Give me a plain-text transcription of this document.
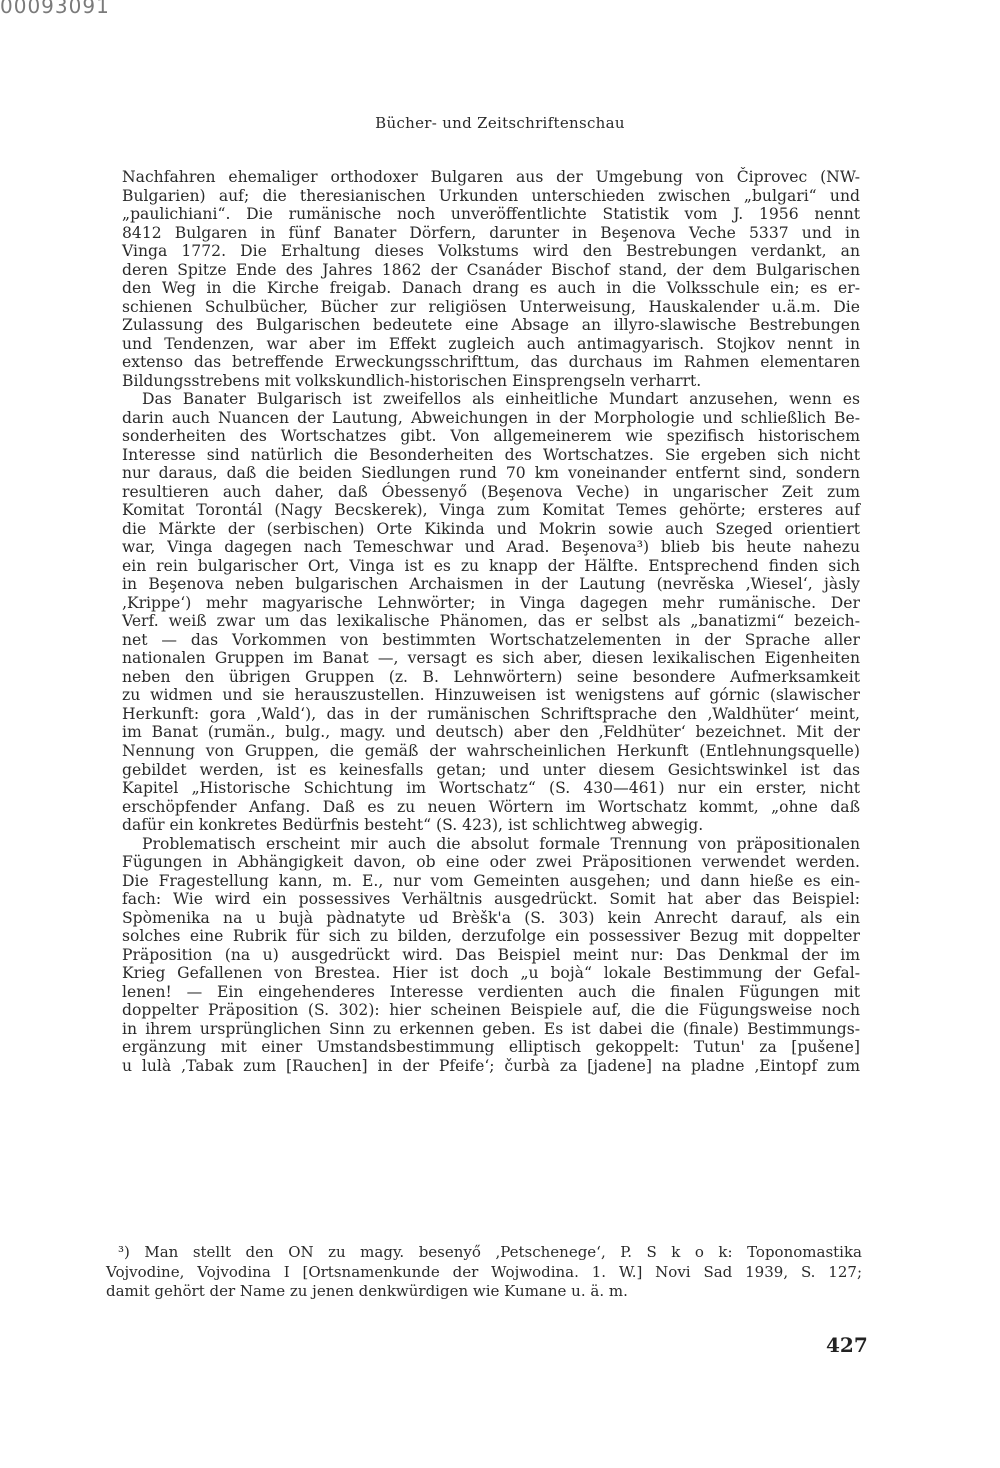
00093091
Bücher- und Zeitschriftenschau
Nachfahren ehemaliger orthodoxer Bulgaren aus der Umgebung von Čiprovec (NW-
Bulgarien) auf; die theresianischen Urkunden unterschieden zwischen „bulgari“ und
„paulichiani“. Die rumänische noch unveröffentlichte Statistik vom J. 1956 nennt
8412 Bulgaren in fünf Banater Dörfern, darunter in Beşenova Veche 5337 und in
Vinga 1772. Die Erhaltung dieses Volkstums wird den Bestrebungen verdankt, an
deren Spitze Ende des Jahres 1862 der Csanáder Bischof stand, der dem Bulgarischen
den Weg in die Kirche freigab. Danach drang es auch in die Volksschule ein; es er-
schienen Schulbücher, Bücher zur religiösen Unterweisung, Hauskalender u.ä.m. Die
Zulassung des Bulgarischen bedeutete eine Absage an illyro-slawische Bestrebungen
und Tendenzen, war aber im Effekt zugleich auch antimagyarisch. Stojkov nennt in
extenso das betreffende Erweckungsschrifttum, das durchaus im Rahmen elementaren
Bildungsstrebens mit volkskundlich-historischen Einsprengseln verharrt.
Das Banater Bulgarisch ist zweifellos als einheitliche Mundart anzusehen, wenn es
darin auch Nuancen der Lautung, Abweichungen in der Morphologie und schließlich Be-
sonderheiten des Wortschatzes gibt. Von allgemeinerem wie spezifisch historischem
Interesse sind natürlich die Besonderheiten des Wortschatzes. Sie ergeben sich nicht
nur daraus, daß die beiden Siedlungen rund 70 km voneinander entfernt sind, sondern
resultieren auch daher, daß Óbessenyő (Beşenova Veche) in ungarischer Zeit zum
Komitat Torontál (Nagy Becskerek), Vinga zum Komitat Temes gehörte; ersteres auf
die Märkte der (serbischen) Orte Kikinda und Mokrin sowie auch Szeged orientiert
war, Vinga dagegen nach Temeschwar und Arad. Beşenova³) blieb bis heute nahezu
ein rein bulgarischer Ort, Vinga ist es zu knapp der Hälfte. Entsprechend finden sich
in Beşenova neben bulgarischen Archaismen in der Lautung (nevrĕska ‚Wiesel‘, jàsly
‚Krippe‘) mehr magyarische Lehnwörter; in Vinga dagegen mehr rumänische. Der
Verf. weiß zwar um das lexikalische Phänomen, das er selbst als „banatizmi“ bezeich-
net — das Vorkommen von bestimmten Wortschatzelementen in der Sprache aller
nationalen Gruppen im Banat —, versagt es sich aber, diesen lexikalischen Eigenheiten
neben den übrigen Gruppen (z. B. Lehnwörtern) seine besondere Aufmerksamkeit
zu widmen und sie herauszustellen. Hinzuweisen ist wenigstens auf górnic (slawischer
Herkunft: gora ‚Wald‘), das in der rumänischen Schriftsprache den ‚Waldhüter‘ meint,
im Banat (rumän., bulg., magy. und deutsch) aber den ‚Feldhüter‘ bezeichnet. Mit der
Nennung von Gruppen, die gemäß der wahrscheinlichen Herkunft (Entlehnungsquelle)
gebildet werden, ist es keinesfalls getan; und unter diesem Gesichtswinkel ist das
Kapitel „Historische Schichtung im Wortschatz“ (S. 430—461) nur ein erster, nicht
erschöpfender Anfang. Daß es zu neuen Wörtern im Wortschatz kommt, „ohne daß
dafür ein konkretes Bedürfnis besteht“ (S. 423), ist schlichtweg abwegig.
Problematisch erscheint mir auch die absolut formale Trennung von präpositionalen
Fügungen in Abhängigkeit davon, ob eine oder zwei Präpositionen verwendet werden.
Die Fragestellung kann, m. E., nur vom Gemeinten ausgehen; und dann hieße es ein-
fach: Wie wird ein possessives Verhältnis ausgedrückt. Somit hat aber das Beispiel:
Spòmenika na u bujà pàdnatyte ud Brèšk'a (S. 303) kein Anrecht darauf, als ein
solches eine Rubrik für sich zu bilden, derzufolge ein possessiver Bezug mit doppelter
Präposition (na u) ausgedrückt wird. Das Beispiel meint nur: Das Denkmal der im
Krieg Gefallenen von Brestea. Hier ist doch „u bojà“ lokale Bestimmung der Gefal-
lenen! — Ein eingehenderes Interesse verdienten auch die finalen Fügungen mit
doppelter Präposition (S. 302): hier scheinen Beispiele auf, die die Fügungsweise noch
in ihrem ursprünglichen Sinn zu erkennen geben. Es ist dabei die (finale) Bestimmungs-
ergänzung mit einer Umstandsbestimmung elliptisch gekoppelt: Tutun' za [pušene]
u lulà ‚Tabak zum [Rauchen] in der Pfeife‘; čurbà za [jadene] na pladne ‚Eintopf zum
³) Man stellt den ON zu magy. besenyő ‚Petschenege‘, P. S k o k: Toponomastika
Vojvodine, Vojvodina I [Ortsnamenkunde der Wojwodina. 1. W.] Novi Sad 1939, S. 127;
damit gehört der Name zu jenen denkwürdigen wie Kumane u. ä. m.
427
